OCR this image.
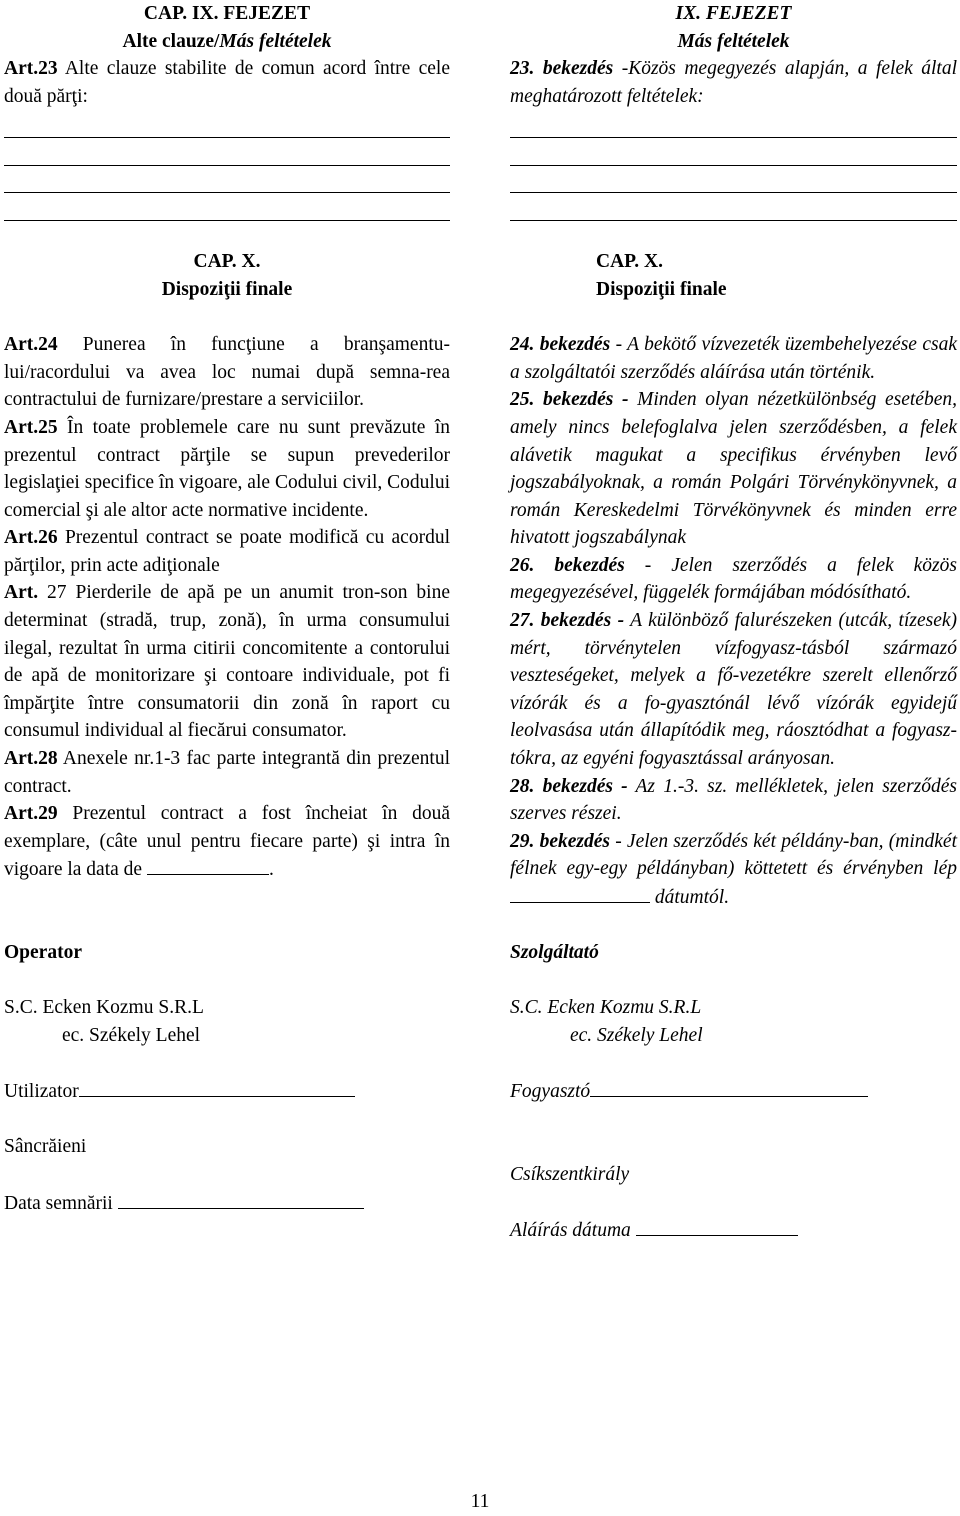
CAP. IX. FEJEZET
Alte clauze/Más feltételek

Art.23 Alte clauze stabilite de comun acord între cele două părţi:

CAP. X.
Dispoziţii finale

Art.24 Punerea în funcţiune a branşamentu-lui/racordului va avea loc numai după semna-rea contractului de furnizare/prestare a serviciilor.

Art.25 În toate problemele care nu sunt prevăzute în prezentul contract părţile se supun prevederilor legislaţiei specifice în vigoare, ale Codului civil, Codului comercial şi ale altor acte normative incidente.

Art.26 Prezentul contract se poate modifică cu acordul părţilor, prin acte adiţionale

Art. 27 Pierderile de apă pe un anumit tron-son bine determinat (stradă, trup, zonă), în urma consumului ilegal, rezultat în urma citirii concomitente a contorului de apă de monitorizare şi contoare individuale, pot fi împărţite între consumatorii din zonă în raport cu consumul individual al fiecărui consumator.

Art.28 Anexele nr.1-3 fac parte integrantă din prezentul contract.

Art.29 Prezentul contract a fost încheiat în două exemplare, (câte unul pentru fiecare parte) şi intra în vigoare la data de	.

Operator
S.C. Ecken Kozmu S.R.L
ec. Székely Lehel
Utilizator
Sâncrăieni
Data semnării
IX. FEJEZET
Más feltételek

23. bekezdés -Közös megegyezés alapján, a felek által meghatározott feltételek:

CAP. X.
Dispoziţii finale

24. bekezdés - A bekötő vízvezeték üzembehelyezése csak a szolgáltatói szerződés aláírása után történik.

25. bekezdés - Minden olyan nézetkülönbség esetében, amely nincs belefoglalva jelen szerződésben, a felek alávetik magukat a specifikus érvényben levő jogszabályoknak, a román Polgári Törvénykönyvnek, a román Kereskedelmi Törvékönyvnek és minden erre hivatott jogszabálynak

26. bekezdés - Jelen szerződés a felek közös megegyezésével, függelék formájában módósítható.

27. bekezdés - A különböző falurészeken (utcák, tízesek) mért, törvénytelen vízfogyasz-tásból származó veszteségeket, melyek a fő-vezetékre szerelt ellenőrző vízórák és a fo-gyasztónál lévő vízórák egyidejű leolvasása után állapítódik meg, ráosztódhat a fogyasz-tókra, az egyéni fogyasztással arányosan.

28. bekezdés - Az 1.-3. sz. mellékletek, jelen szerződés szerves részei.

29. bekezdés - Jelen szerződés két példány-ban, (mindkét félnek egy-egy példányban) köttetett és érvényben lép  dátumtól.

Szolgáltató
S.C. Ecken Kozmu S.R.L
ec. Székely Lehel
Fogyasztó
Csíkszentkirály
Aláírás dátuma
11
